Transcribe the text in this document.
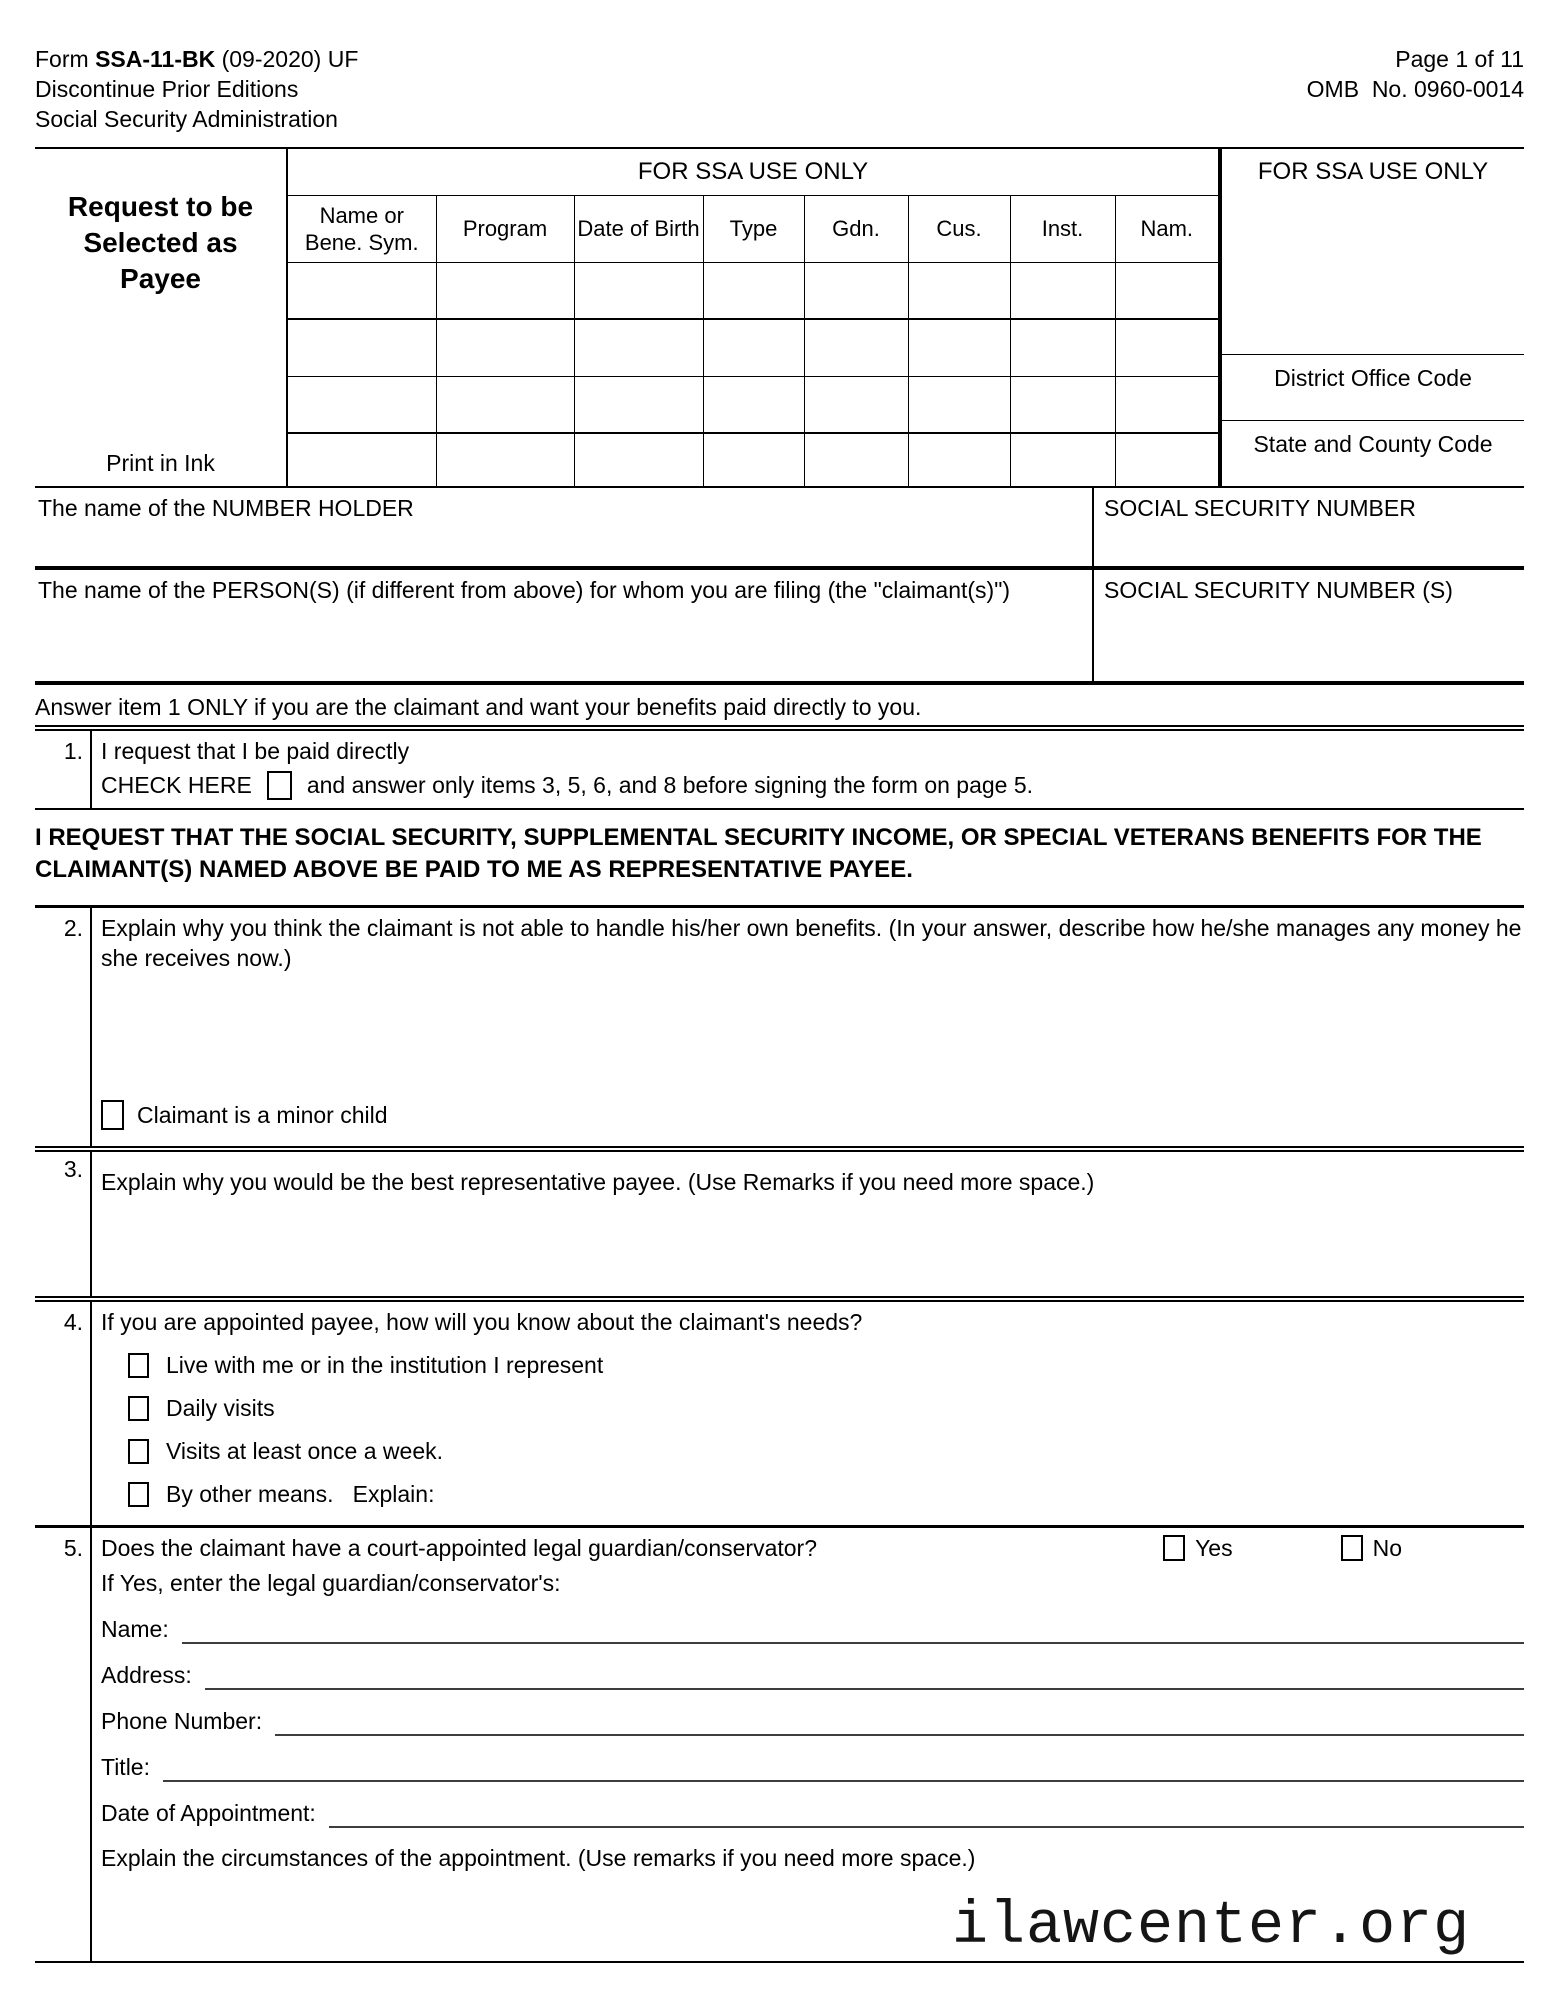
Form SSA-11-BK (09-2020) UF
Discontinue Prior Editions
Social Security Administration
Page 1 of 11
OMB  No. 0960-0014
Request to be Selected as Payee
Print in Ink
FOR SSA USE ONLY							
Name or Bene. Sym.	Program	Date of Birth	Type	Gdn.	Cus.	Inst.	Nam.

FOR SSA USE ONLY
District Office Code
State and County Code
The name of the NUMBER HOLDER	SOCIAL SECURITY NUMBER
The name of the PERSON(S) (if different from above) for whom you are filing (the "claimant(s)")	SOCIAL SECURITY NUMBER (S)
Answer item 1 ONLY if you are the claimant and want your benefits paid directly to you.
1. I request that I be paid directly
CHECK HERE and answer only items 3, 5, 6, and 8 before signing the form on page 5.
I REQUEST THAT THE SOCIAL SECURITY, SUPPLEMENTAL SECURITY INCOME, OR SPECIAL VETERANS BENEFITS FOR THE CLAIMANT(S) NAMED ABOVE BE PAID TO ME AS REPRESENTATIVE PAYEE.
2. Explain why you think the claimant is not able to handle his/her own benefits. (In your answer, describe how he/she manages any money he she receives now.)
Claimant is a minor child
3. Explain why you would be the best representative payee. (Use Remarks if you need more space.)
4. If you are appointed payee, how will you know about the claimant's needs?
Live with me or in the institution I represent
Daily visits
Visits at least once a week.
By other means.   Explain:
5. Does the claimant have a court-appointed legal guardian/conservator?	Yes	No
If Yes, enter the legal guardian/conservator's:
Name:
Address:
Phone Number:
Title:
Date of Appointment:
Explain the circumstances of the appointment. (Use remarks if you need more space.)
ilawcenter.org
